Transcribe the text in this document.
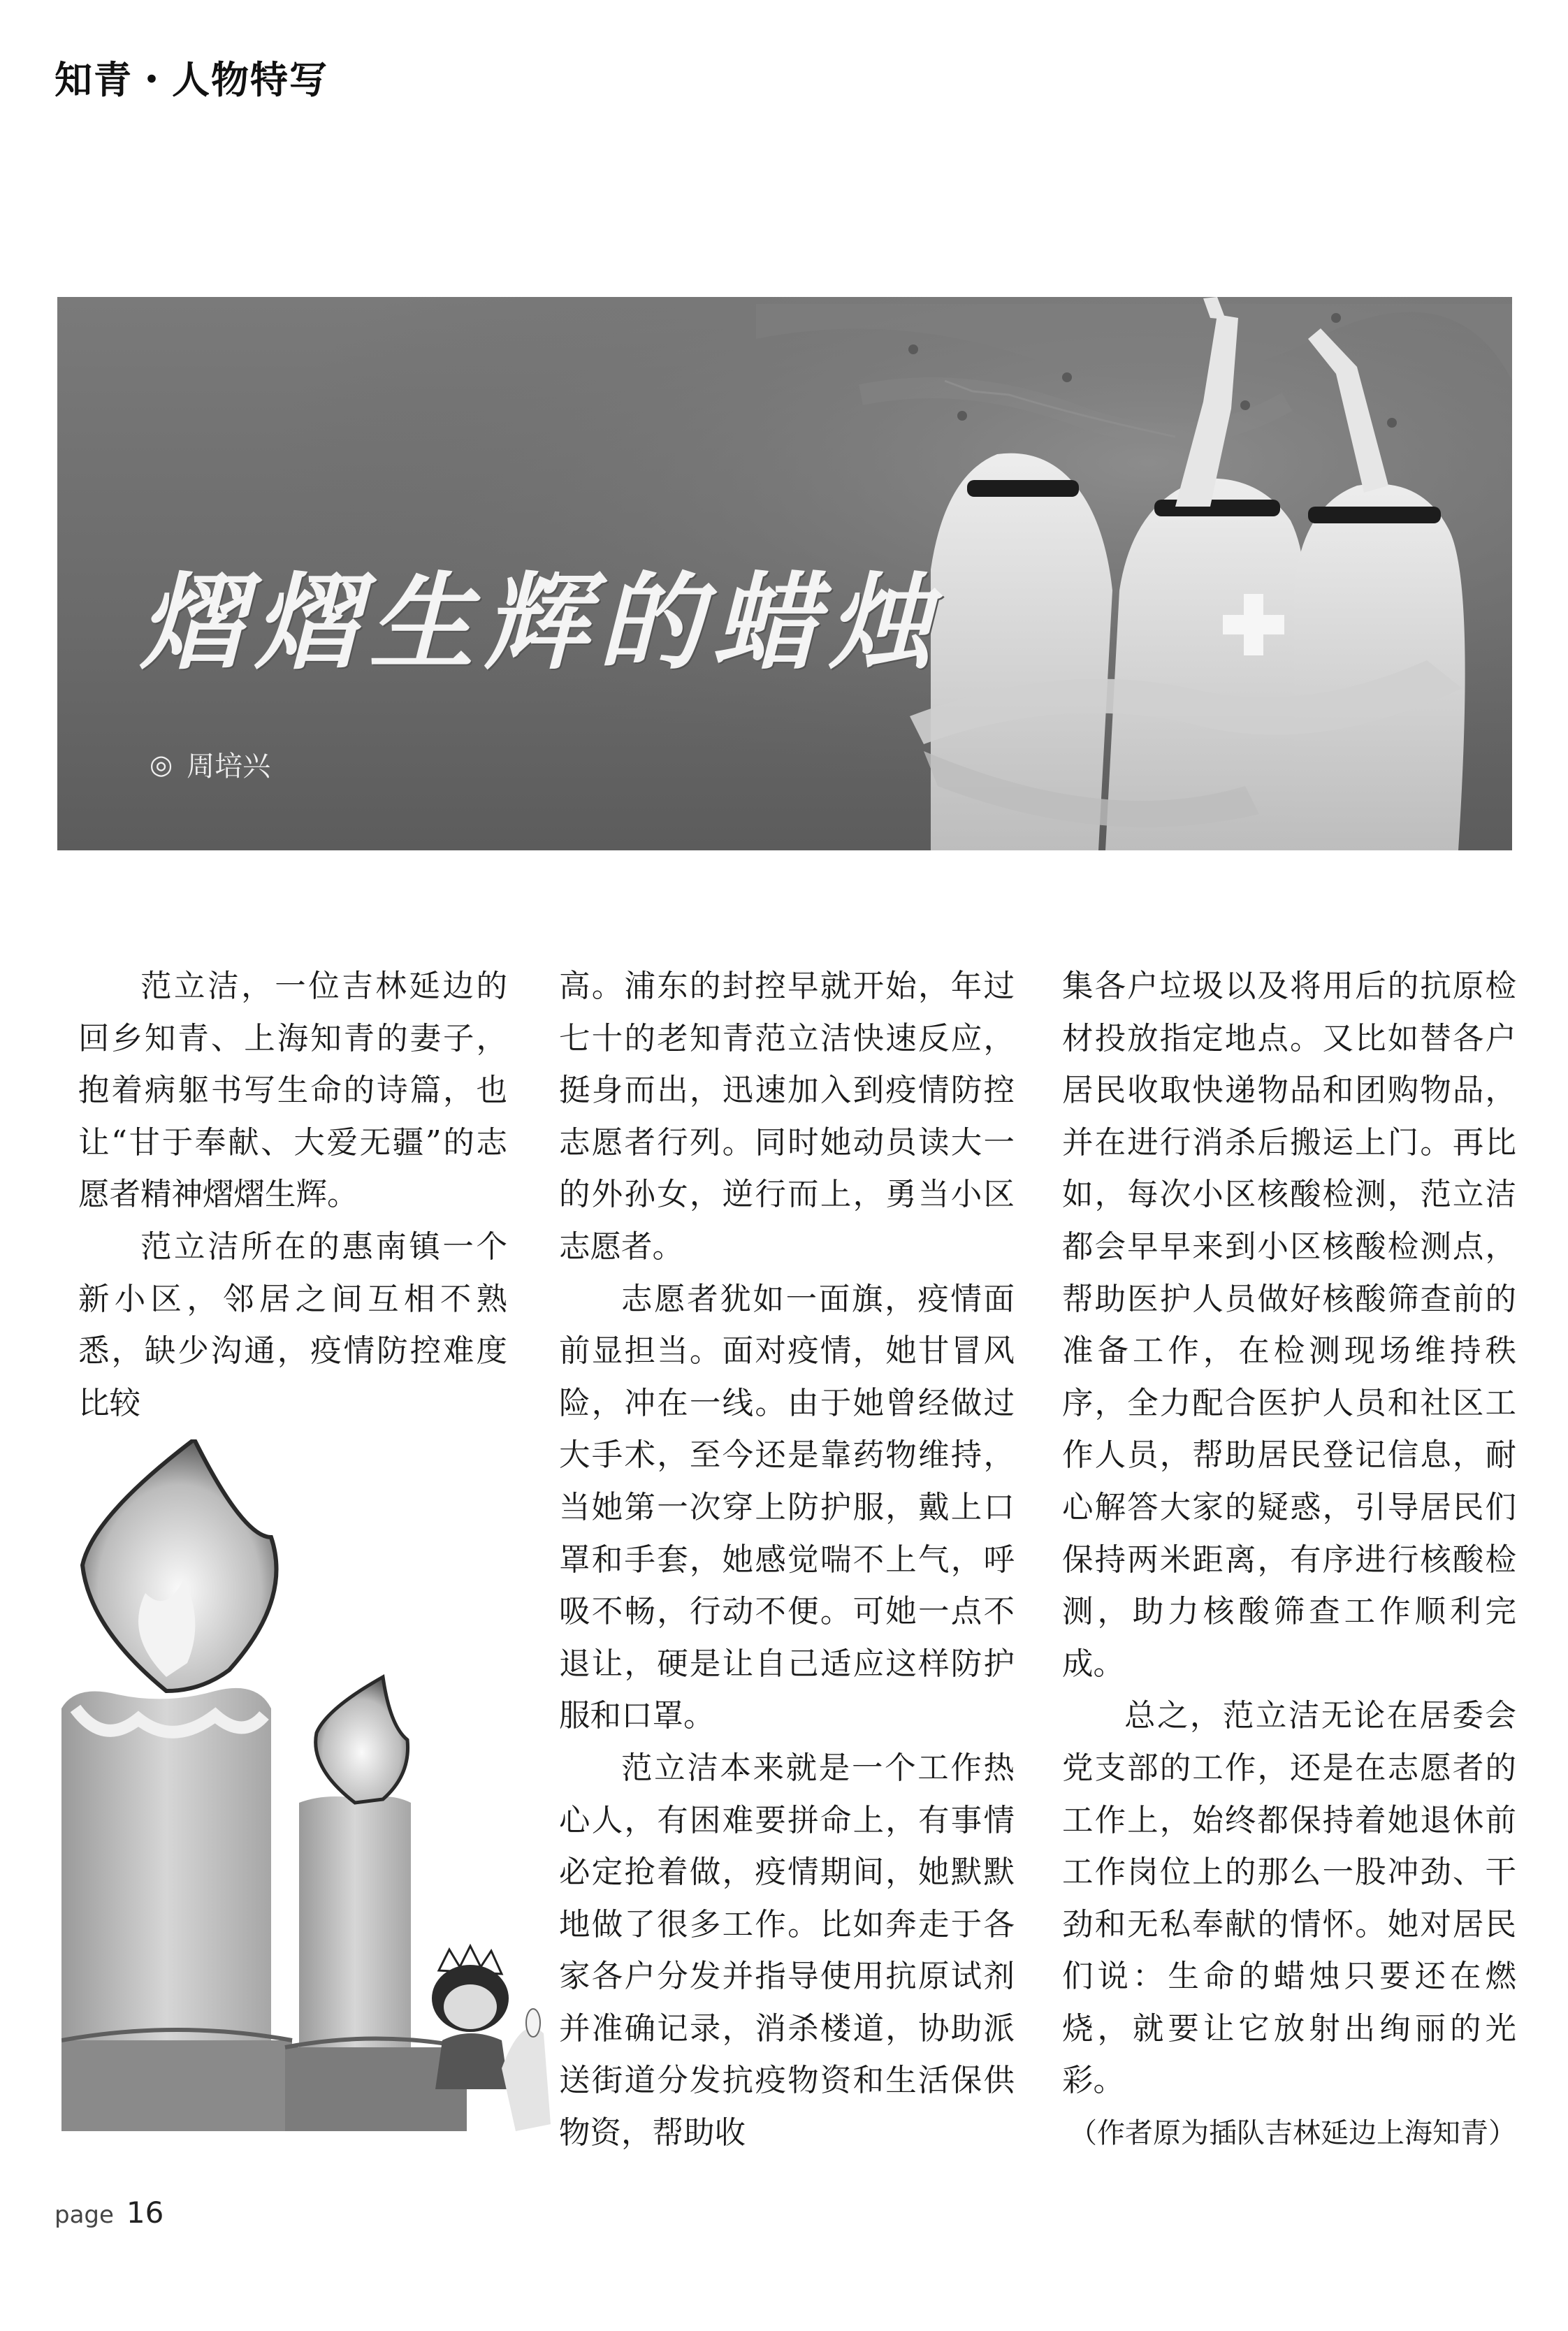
知青・人物特写
熠熠生辉的蜡烛
◎ 周培兴

范立洁，一位吉林延边的回乡知青、上海知青的妻子，抱着病躯书写生命的诗篇，也让“甘于奉献、大爱无疆”的志愿者精神熠熠生辉。

范立洁所在的惠南镇一个新小区，邻居之间互相不熟悉，缺少沟通，疫情防控难度比较

高。浦东的封控早就开始，年过七十的老知青范立洁快速反应，挺身而出，迅速加入到疫情防控志愿者行列。同时她动员读大一的外孙女，逆行而上，勇当小区志愿者。

志愿者犹如一面旗，疫情面前显担当。面对疫情，她甘冒风险，冲在一线。由于她曾经做过大手术，至今还是靠药物维持，当她第一次穿上防护服，戴上口罩和手套，她感觉喘不上气，呼吸不畅，行动不便。可她一点不退让，硬是让自己适应这样防护服和口罩。

范立洁本来就是一个工作热心人，有困难要拼命上，有事情必定抢着做，疫情期间，她默默地做了很多工作。比如奔走于各家各户分发并指导使用抗原试剂并准确记录，消杀楼道，协助派送街道分发抗疫物资和生活保供物资，帮助收

集各户垃圾以及将用后的抗原检材投放指定地点。又比如替各户居民收取快递物品和团购物品，并在进行消杀后搬运上门。再比如，每次小区核酸检测，范立洁都会早早来到小区核酸检测点，帮助医护人员做好核酸筛查前的准备工作，在检测现场维持秩序，全力配合医护人员和社区工作人员，帮助居民登记信息，耐心解答大家的疑惑，引导居民们保持两米距离，有序进行核酸检测，助力核酸筛查工作顺利完成。

总之，范立洁无论在居委会党支部的工作，还是在志愿者的工作上，始终都保持着她退休前工作岗位上的那么一股冲劲、干劲和无私奉献的情怀。她对居民们说：生命的蜡烛只要还在燃烧，就要让它放射出绚丽的光彩。

（作者原为插队吉林延边上海知青）

page 16
